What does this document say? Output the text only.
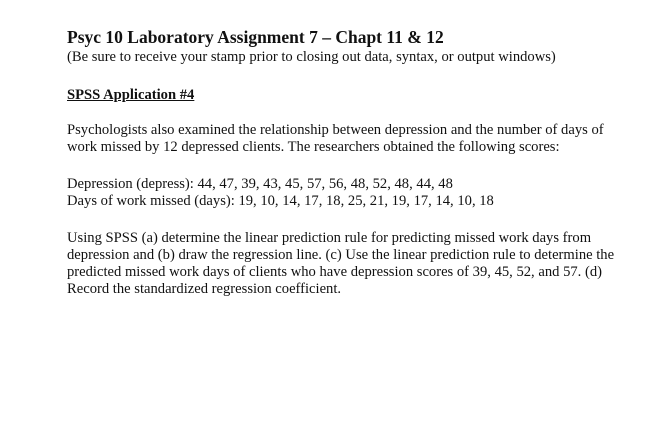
Psyc 10 Laboratory Assignment 7 – Chapt 11 & 12

(Be sure to receive your stamp prior to closing out data, syntax, or output windows)

SPSS Application #4

Psychologists also examined the relationship between depression and the number of days of
work missed by 12 depressed clients. The researchers obtained the following scores:

Depression (depress): 44, 47, 39, 43, 45, 57, 56, 48, 52, 48, 44, 48
Days of work missed (days): 19, 10, 14, 17, 18, 25, 21, 19, 17, 14, 10, 18

Using SPSS (a) determine the linear prediction rule for predicting missed work days from
depression and (b) draw the regression line. (c) Use the linear prediction rule to determine the
predicted missed work days of clients who have depression scores of 39, 45, 52, and 57. (d)
Record the standardized regression coefficient.
